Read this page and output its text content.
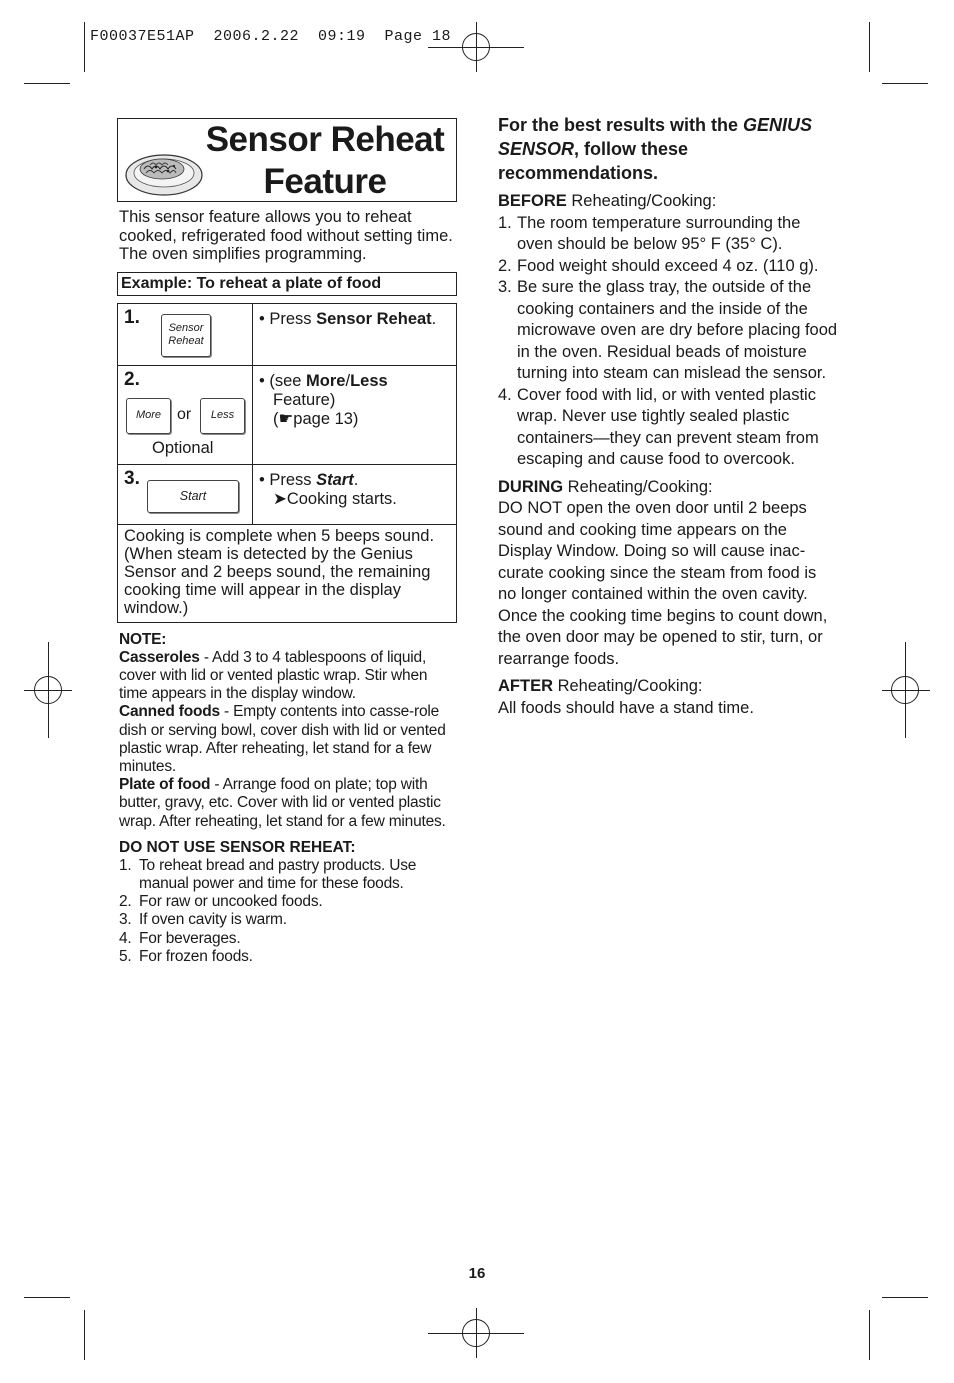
F00037E51AP  2006.2.22  09:19  Page 18
Sensor Reheat
Feature
This sensor feature allows you to reheat cooked, refrigerated food without setting time. The oven simplifies programming.
Example: To reheat a plate of food
1.
Sensor
Reheat
• Press Sensor Reheat.
2.
More or Less
Optional
• (see More/Less
Feature)
(☛page 13)
3.
Start
• Press Start.
➤Cooking starts.
Cooking is complete when 5 beeps sound. (When steam is detected by the Genius Sensor and 2 beeps sound, the remaining cooking time will appear in the display window.)
NOTE:
Casseroles - Add 3 to 4 tablespoons of liquid, cover with lid or vented plastic wrap. Stir when time appears in the display window.
Canned foods - Empty contents into casse-role dish or serving bowl, cover dish with lid or vented plastic wrap. After reheating, let stand for a few minutes.
Plate of food - Arrange food on plate; top with butter, gravy, etc. Cover with lid or vented plastic wrap. After reheating, let stand for a few minutes.
DO NOT USE SENSOR REHEAT:
1. To reheat bread and pastry products. Use manual power and time for these foods.
2. For raw or uncooked foods.
3. If oven cavity is warm.
4. For beverages.
5. For frozen foods.
For the best results with the GENIUS SENSOR, follow these recommendations.
BEFORE Reheating/Cooking:
1. The room temperature surrounding the oven should be below 95° F (35° C).
2. Food weight should exceed 4 oz. (110 g).
3. Be sure the glass tray, the outside of the cooking containers and the inside of the microwave oven are dry before placing food in the oven. Residual beads of moisture turning into steam can mislead the sensor.
4. Cover food with lid, or with vented plastic wrap. Never use tightly sealed plastic containers—they can prevent steam from escaping and cause food to overcook.
DURING Reheating/Cooking:
DO NOT open the oven door until 2 beeps sound and cooking time appears on the Display Window. Doing so will cause inac-curate cooking since the steam from food is no longer contained within the oven cavity. Once the cooking time begins to count down, the oven door may be opened to stir, turn, or rearrange foods.
AFTER Reheating/Cooking:
All foods should have a stand time.
16
